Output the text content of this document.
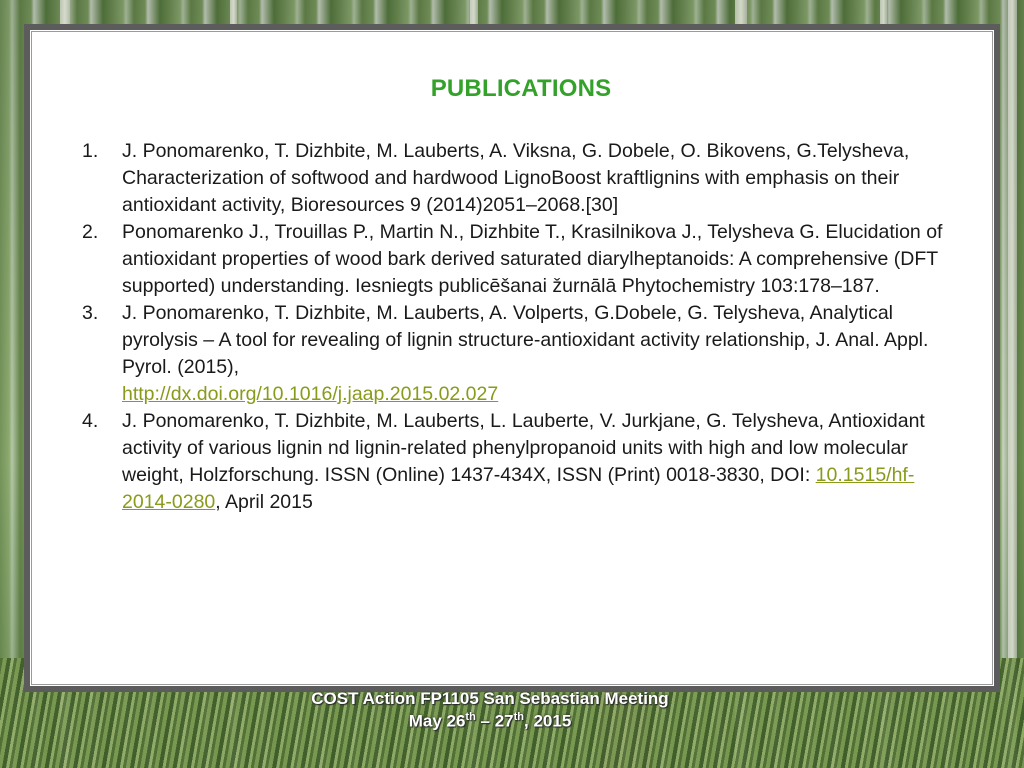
PUBLICATIONS
1. J. Ponomarenko, T. Dizhbite, M. Lauberts, A. Viksna, G. Dobele, O. Bikovens, G.Telysheva, Characterization of softwood and hardwood LignoBoost kraftlignins with emphasis on their antioxidant activity, Bioresources 9 (2014)2051–2068.[30]
2. Ponomarenko J., Trouillas P., Martin N., Dizhbite T., Krasilnikova J., Telysheva G. Elucidation of antioxidant properties of wood bark derived saturated diarylheptanoids: A comprehensive (DFT supported) understanding. Iesniegts publicēšanai žurnālā Phytochemistry 103:178–187.
3. J. Ponomarenko, T. Dizhbite, M. Lauberts, A. Volperts, G.Dobele, G. Telysheva, Analytical pyrolysis – A tool for revealing of lignin structure-antioxidant activity relationship, J. Anal. Appl. Pyrol. (2015),
http://dx.doi.org/10.1016/j.jaap.2015.02.027
4. J. Ponomarenko, T. Dizhbite, M. Lauberts, L. Lauberte, V. Jurkjane, G. Telysheva, Antioxidant activity of various lignin nd lignin-related phenylpropanoid units with high and low molecular weight, Holzforschung. ISSN (Online) 1437-434X, ISSN (Print) 0018-3830, DOI: 10.1515/hf-2014-0280, April 2015
COST Action FP1105 San Sebastian Meeting
May 26th – 27th, 2015
